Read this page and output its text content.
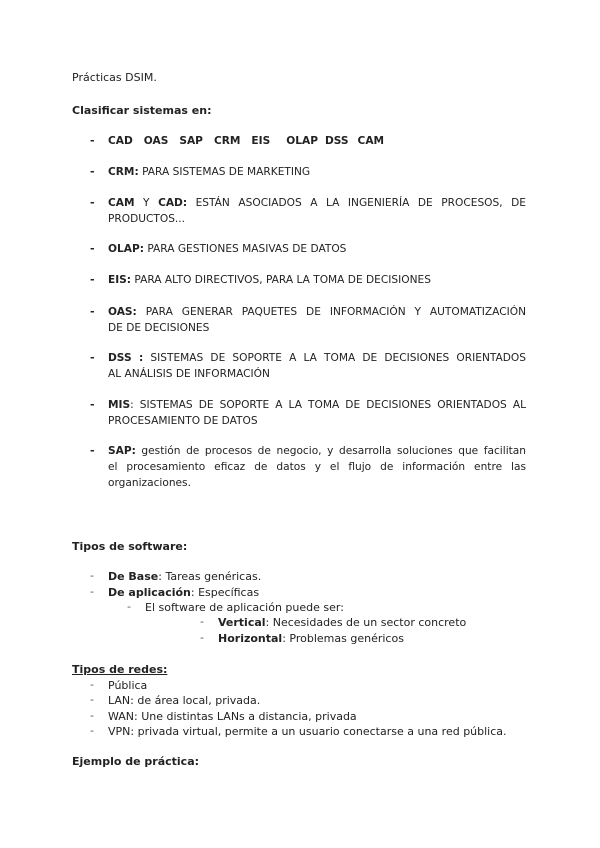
Prácticas DSIM.

Clasificar sistemas en:

-	CAD OAS SAP CRM EIS OLAP DSS CAM

-	CRM: PARA SISTEMAS DE MARKETING

-	CAM Y CAD: ESTÁN ASOCIADOS A LA INGENIERÍA DE PROCESOS, DE
PRODUCTOS...

-	OLAP: PARA GESTIONES MASIVAS DE DATOS

-	EIS: PARA ALTO DIRECTIVOS, PARA LA TOMA DE DECISIONES

-	OAS: PARA GENERAR PAQUETES DE INFORMACIÓN Y AUTOMATIZACIÓN
DE DE DECISIONES

-	DSS : SISTEMAS DE SOPORTE A LA TOMA DE DECISIONES ORIENTADOS
AL ANÁLISIS DE INFORMACIÓN

-	MIS: SISTEMAS DE SOPORTE A LA TOMA DE DECISIONES ORIENTADOS AL
PROCESAMIENTO DE DATOS

-	SAP: gestión de procesos de negocio, y desarrolla soluciones que facilitan
el procesamiento eficaz de datos y el flujo de información entre las
organizaciones.

Tipos de software:

- De Base: Tareas genéricas.

- De aplicación: Específicas

- El software de aplicación puede ser:

- Vertical: Necesidades de un sector concreto

- Horizontal: Problemas genéricos

Tipos de redes:

- Pública

- LAN: de área local, privada.

- WAN: Une distintas LANs a distancia, privada

- VPN: privada virtual, permite a un usuario conectarse a una red pública.

Ejemplo de práctica:
